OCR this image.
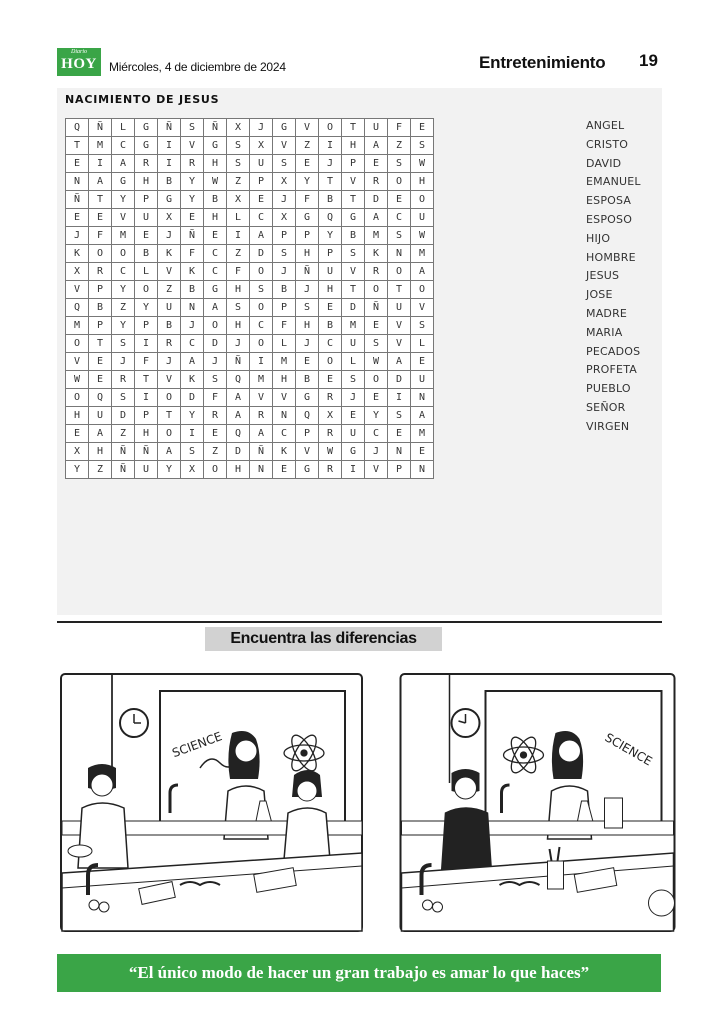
Diario
HOY	Miércoles, 4 de diciembre de 2024	Entretenimiento 19
NACIMIENTO DE JESUS
Q	Ñ	L	G	Ñ	S	Ñ	X	J	G	V	O	T	U	F	E
T	M	C	G	I	V	G	S	X	V	Z	I	H	A	Z	S
E	I	A	R	I	R	H	S	U	S	E	J	P	E	S	W
N	A	G	H	B	Y	W	Z	P	X	Y	T	V	R	O	H
Ñ	T	Y	P	G	Y	B	X	E	J	F	B	T	D	E	O
E	E	V	U	X	E	H	L	C	X	G	Q	G	A	C	U
J	F	M	E	J	Ñ	E	I	A	P	P	Y	B	M	S	W
K	O	O	B	K	F	C	Z	D	S	H	P	S	K	N	M
X	R	C	L	V	K	C	F	O	J	Ñ	U	V	R	O	A
V	P	Y	O	Z	B	G	H	S	B	J	H	T	O	T	O
Q	B	Z	Y	U	N	A	S	O	P	S	E	D	Ñ	U	V
M	P	Y	P	B	J	O	H	C	F	H	B	M	E	V	S
O	T	S	I	R	C	D	J	O	L	J	C	U	S	V	L
V	E	J	F	J	A	J	Ñ	I	M	E	O	L	W	A	E
W	E	R	T	V	K	S	Q	M	H	B	E	S	O	D	U
O	Q	S	I	O	D	F	A	V	V	G	R	J	E	I	N
H	U	D	P	T	Y	R	A	R	N	Q	X	E	Y	S	A
E	A	Z	H	O	I	E	Q	A	C	P	R	U	C	E	M
X	H	Ñ	Ñ	A	S	Z	D	Ñ	K	V	W	G	J	N	E
Y	Z	Ñ	U	Y	X	O	H	N	E	G	R	I	V	P	N
ANGEL
CRISTO
DAVID
EMANUEL
ESPOSA
ESPOSO
HIJO
HOMBRE
JESUS
JOSE
MADRE
MARIA
PECADOS
PROFETA
PUEBLO
SEÑOR
VIRGEN
Encuentra las diferencias
SCIENCE	SCIENCE
“El único modo de hacer un gran trabajo es amar lo que haces”
